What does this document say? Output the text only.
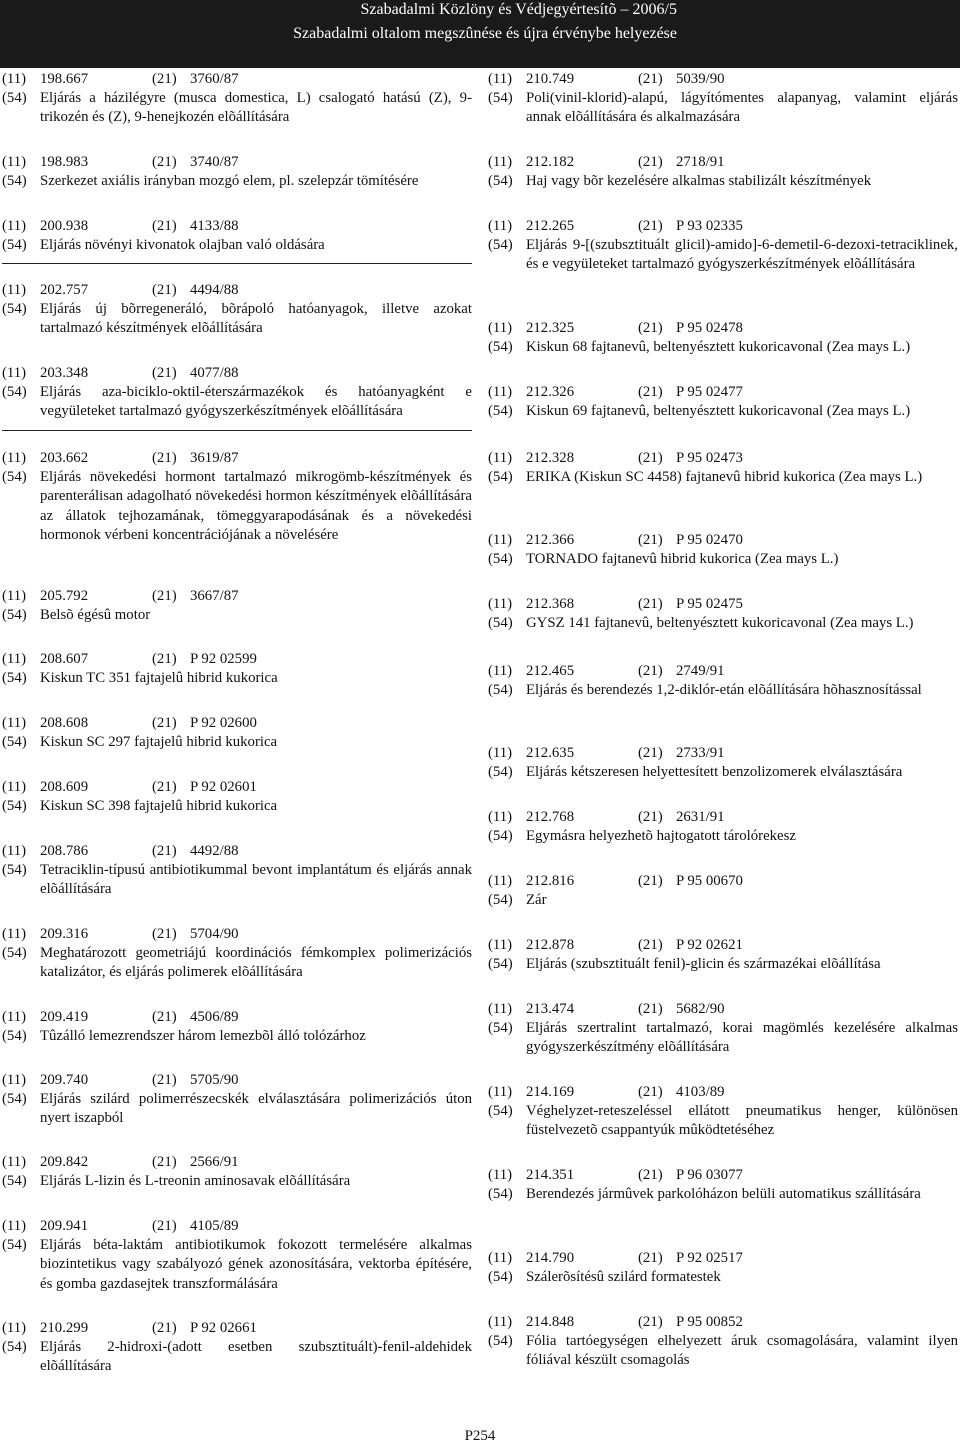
Szabadalmi Közlöny és Védjegyértesítõ – 2006/5
Szabadalmi oltalom megszûnése és újra érvénybe helyezése
(11) 198.667	(21) 3760/87
(54) Eljárás a házilégyre (musca domestica, L) csalogató hatású (Z), 9-trikozén és (Z), 9-henejkozén elõállítására
(11) 198.983	(21) 3740/87
(54) Szerkezet axiális irányban mozgó elem, pl. szelepzár tömítésére
(11) 200.938	(21) 4133/88
(54) Eljárás növényi kivonatok olajban való oldására
(11) 202.757	(21) 4494/88
(54) Eljárás új bõrregeneráló, bõrápoló hatóanyagok, illetve azokat tartalmazó készítmények elõállítására
(11) 203.348	(21) 4077/88
(54) Eljárás aza-biciklo-oktil-éterszármazékok és hatóanyagként e vegyületeket tartalmazó gyógyszerkészítmények elõállítására
(11) 203.662	(21) 3619/87
(54) Eljárás növekedési hormont tartalmazó mikrogömb-készítmények és parenterálisan adagolható növekedési hormon készítmények elõállítására az állatok tejhozamának, tömeggyarapodásának és a növekedési hormonok vérbeni koncentrációjának a növelésére
(11) 205.792	(21) 3667/87
(54) Belsõ égésû motor
(11) 208.607	(21) P 92 02599
(54) Kiskun TC 351 fajtajelû hibrid kukorica
(11) 208.608	(21) P 92 02600
(54) Kiskun SC 297 fajtajelû hibrid kukorica
(11) 208.609	(21) P 92 02601
(54) Kiskun SC 398 fajtajelû hibrid kukorica
(11) 208.786	(21) 4492/88
(54) Tetraciklin-típusú antibiotikummal bevont implantátum és eljárás annak elõállítására
(11) 209.316	(21) 5704/90
(54) Meghatározott geometriájú koordinációs fémkomplex polimerizációs katalizátor, és eljárás polimerek elõállítására
(11) 209.419	(21) 4506/89
(54) Tûzálló lemezrendszer három lemezbõl álló tolózárhoz
(11) 209.740	(21) 5705/90
(54) Eljárás szilárd polimerrészecskék elválasztására polimerizációs úton nyert iszapból
(11) 209.842	(21) 2566/91
(54) Eljárás L-lizin és L-treonin aminosavak elõállítására
(11) 209.941	(21) 4105/89
(54) Eljárás béta-laktám antibiotikumok fokozott termelésére alkalmas biozintetikus vagy szabályozó gének azonosítására, vektorba építésére, és gomba gazdasejtek transzformálására
(11) 210.299	(21) P 92 02661
(54) Eljárás 2-hidroxi-(adott esetben szubsztituált)-fenil-aldehidek elõállítására
(11) 210.749	(21) 5039/90
(54) Poli(vinil-klorid)-alapú, lágyítómentes alapanyag, valamint eljárás annak elõállítására és alkalmazására
(11) 212.182	(21) 2718/91
(54) Haj vagy bõr kezelésére alkalmas stabilizált készítmények
(11) 212.265	(21) P 93 02335
(54) Eljárás 9-[(szubsztituált glicil)-amido]-6-demetil-6-dezoxi-tetraciklinek, és e vegyületeket tartalmazó gyógyszerkészítmények elõállítására
(11) 212.325	(21) P 95 02478
(54) Kiskun 68 fajtanevû, beltenyésztett kukoricavonal (Zea mays L.)
(11) 212.326	(21) P 95 02477
(54) Kiskun 69 fajtanevû, beltenyésztett kukoricavonal (Zea mays L.)
(11) 212.328	(21) P 95 02473
(54) ERIKA (Kiskun SC 4458) fajtanevû hibrid kukorica (Zea mays L.)
(11) 212.366	(21) P 95 02470
(54) TORNADO fajtanevû hibrid kukorica (Zea mays L.)
(11) 212.368	(21) P 95 02475
(54) GYSZ 141 fajtanevû, beltenyésztett kukoricavonal (Zea mays L.)
(11) 212.465	(21) 2749/91
(54) Eljárás és berendezés 1,2-diklór-etán elõállítására hõhasznosítással
(11) 212.635	(21) 2733/91
(54) Eljárás kétszeresen helyettesített benzolizomerek elválasztására
(11) 212.768	(21) 2631/91
(54) Egymásra helyezhetõ hajtogatott tárolórekesz
(11) 212.816	(21) P 95 00670
(54) Zár
(11) 212.878	(21) P 92 02621
(54) Eljárás (szubsztituált fenil)-glicin és származékai elõállítása
(11) 213.474	(21) 5682/90
(54) Eljárás szertralint tartalmazó, korai magömlés kezelésére alkalmas gyógyszerkészítmény elõállítására
(11) 214.169	(21) 4103/89
(54) Véghelyzet-reteszeléssel ellátott pneumatikus henger, különösen füstelvezetõ csappantyúk mûködtetéséhez
(11) 214.351	(21) P 96 03077
(54) Berendezés jármûvek parkolóházon belüli automatikus szállítására
(11) 214.790	(21) P 92 02517
(54) Szálerõsítésû szilárd formatestek
(11) 214.848	(21) P 95 00852
(54) Fólia tartóegységen elhelyezett áruk csomagolására, valamint ilyen fóliával készült csomagolás
P254
